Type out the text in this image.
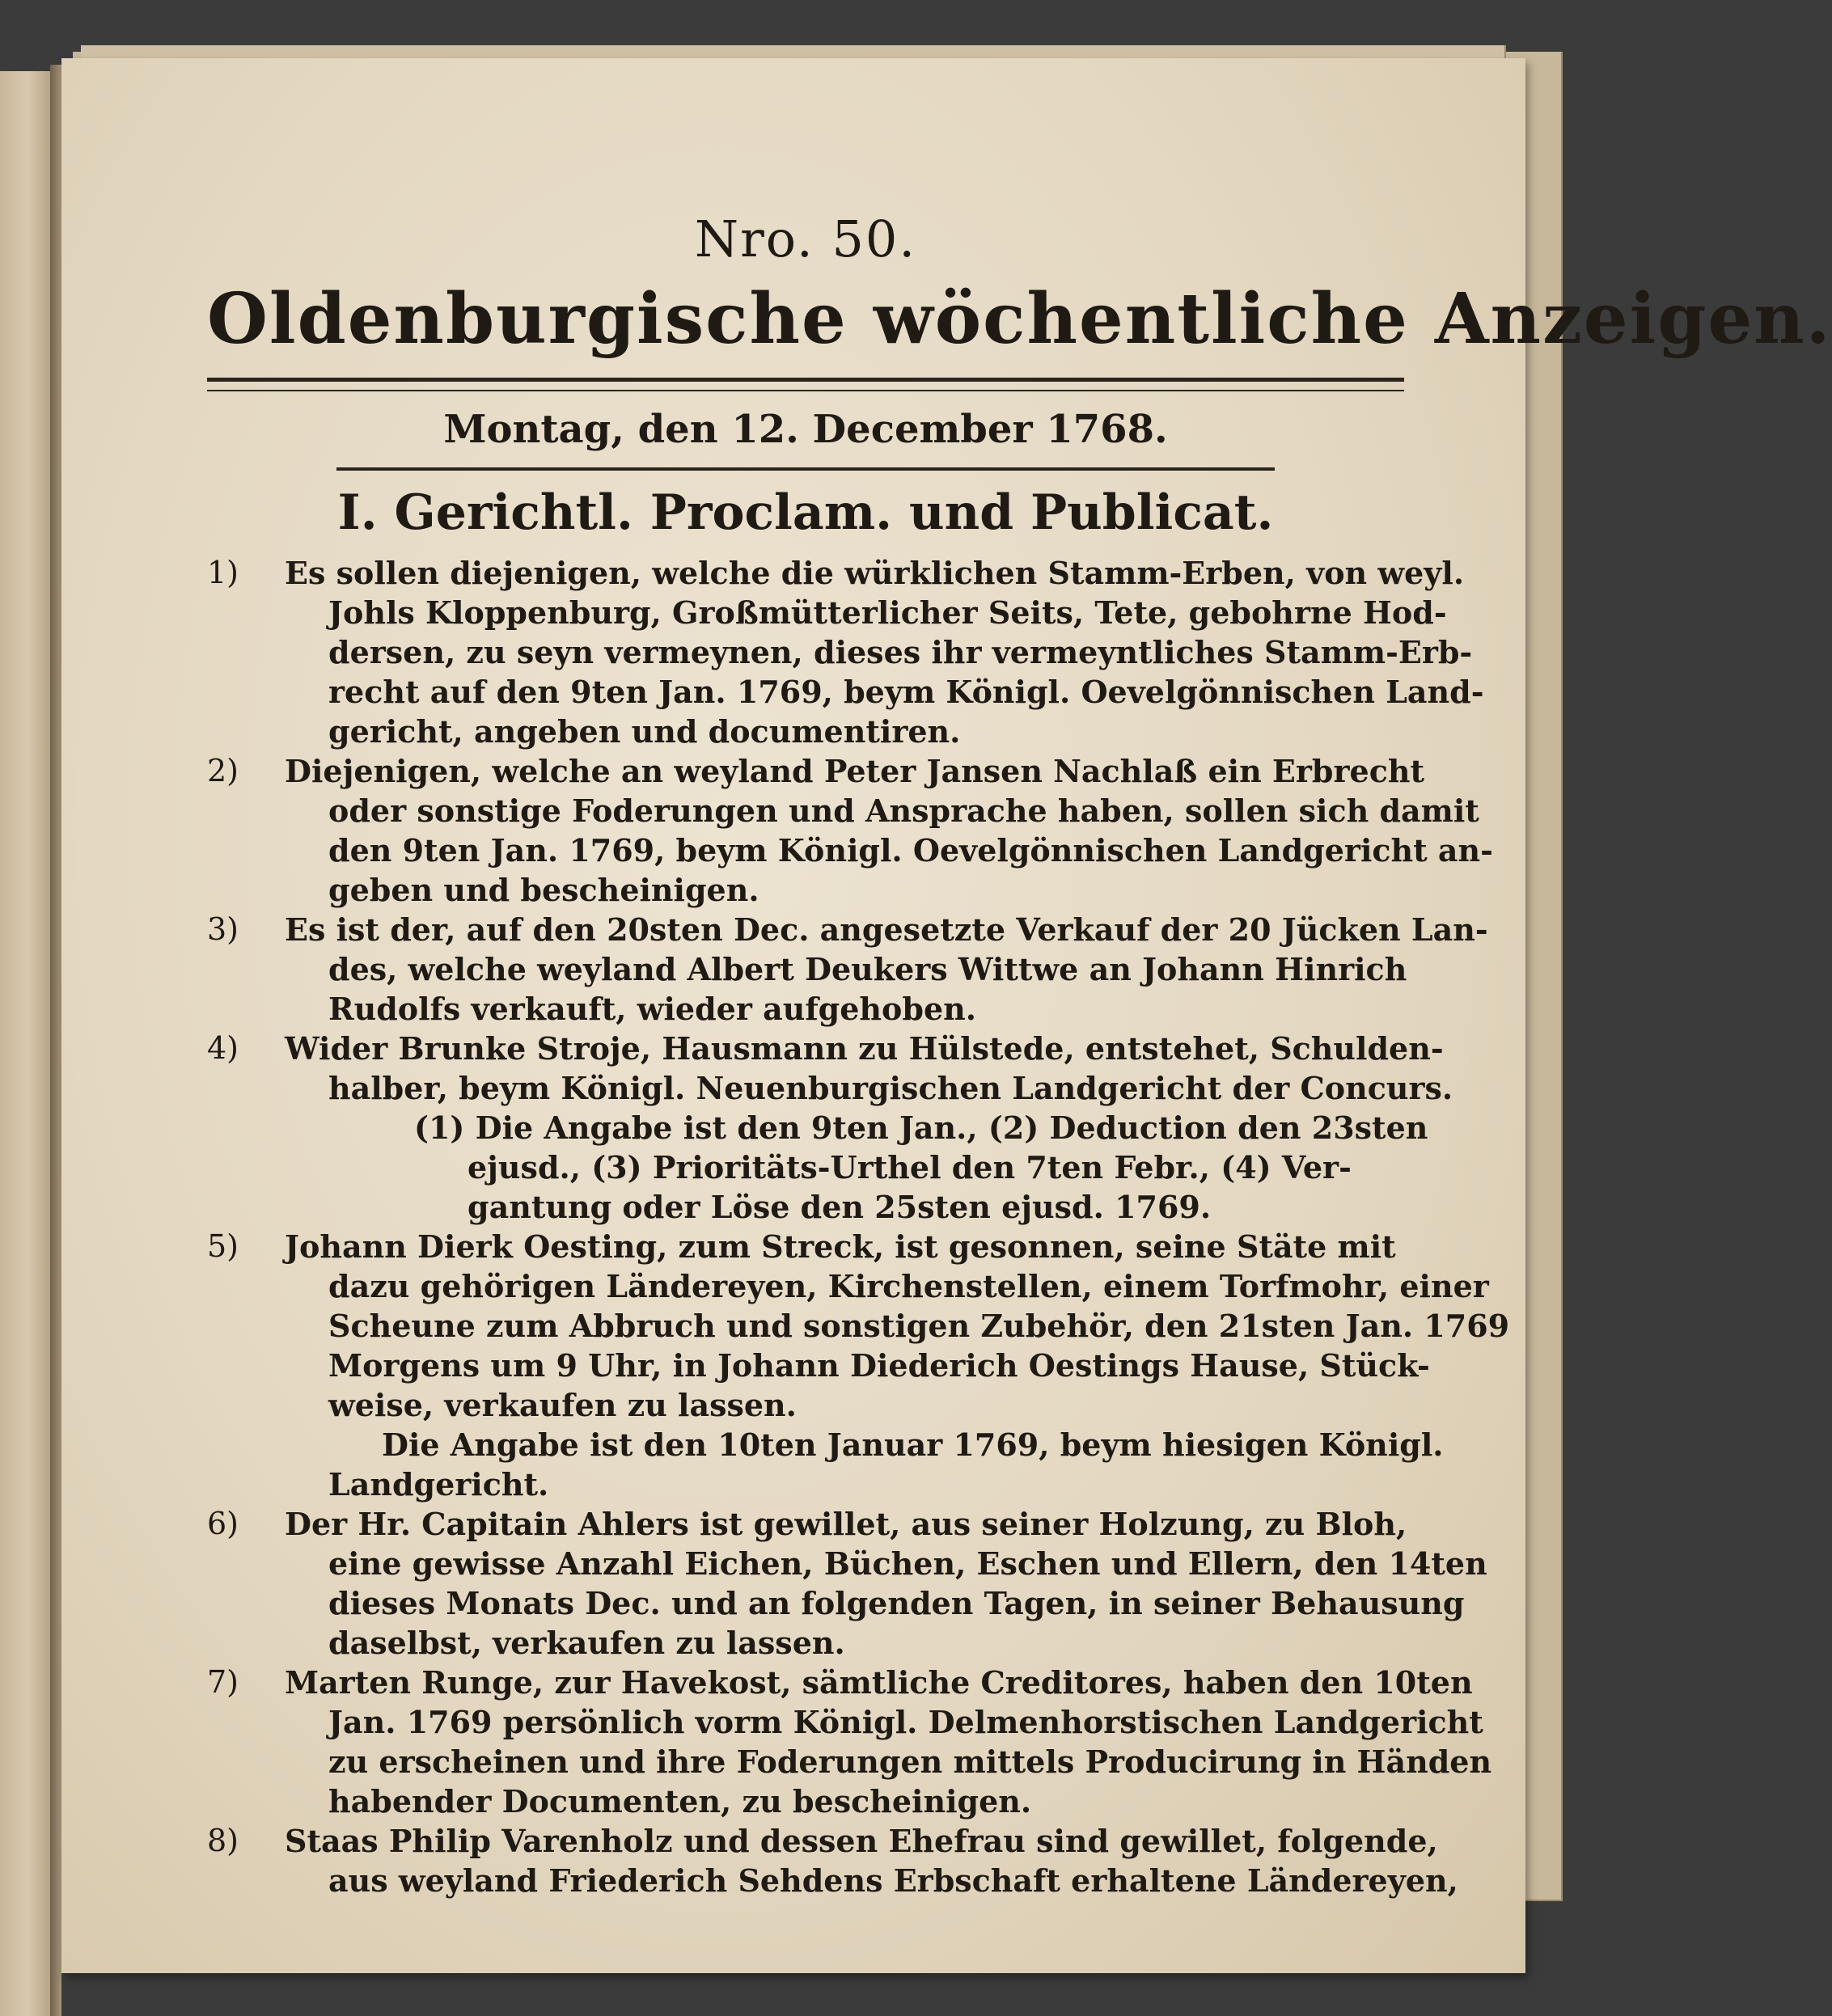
Nro. 50.
Oldenburgische wöchentliche Anzeigen.
Montag, den 12. December 1768.
I. Gerichtl. Proclam. und Publicat.
1)	Es sollen diejenigen, welche die würklichen Stamm-Erben, von weyl.
Johls Kloppenburg, Großmütterlicher Seits, Tete, gebohrne Hod-
dersen, zu seyn vermeynen, dieses ihr vermeyntliches Stamm-Erb-
recht auf den 9ten Jan. 1769, beym Königl. Oevelgönnischen Land-
gericht, angeben und documentiren.
2)	Diejenigen, welche an weyland Peter Jansen Nachlaß ein Erbrecht
oder sonstige Foderungen und Ansprache haben, sollen sich damit
den 9ten Jan. 1769, beym Königl. Oevelgönnischen Landgericht an-
geben und bescheinigen.
3)	Es ist der, auf den 20sten Dec. angesetzte Verkauf der 20 Jücken Lan-
des, welche weyland Albert Deukers Wittwe an Johann Hinrich
Rudolfs verkauft, wieder aufgehoben.
4)	Wider Brunke Stroje, Hausmann zu Hülstede, entstehet, Schulden-
halber, beym Königl. Neuenburgischen Landgericht der Concurs.
(1) Die Angabe ist den 9ten Jan., (2) Deduction den 23sten
ejusd., (3) Prioritäts-Urthel den 7ten Febr., (4) Ver-
gantung oder Löse den 25sten ejusd. 1769.
5)	Johann Dierk Oesting, zum Streck, ist gesonnen, seine Stäte mit
dazu gehörigen Ländereyen, Kirchenstellen, einem Torfmohr, einer
Scheune zum Abbruch und sonstigen Zubehör, den 21sten Jan. 1769
Morgens um 9 Uhr, in Johann Diederich Oestings Hause, Stück-
weise, verkaufen zu lassen.
Die Angabe ist den 10ten Januar 1769, beym hiesigen Königl.
Landgericht.
6)	Der Hr. Capitain Ahlers ist gewillet, aus seiner Holzung, zu Bloh,
eine gewisse Anzahl Eichen, Büchen, Eschen und Ellern, den 14ten
dieses Monats Dec. und an folgenden Tagen, in seiner Behausung
daselbst, verkaufen zu lassen.
7)	Marten Runge, zur Havekost, sämtliche Creditores, haben den 10ten
Jan. 1769 persönlich vorm Königl. Delmenhorstischen Landgericht
zu erscheinen und ihre Foderungen mittels Producirung in Händen
habender Documenten, zu bescheinigen.
8)	Staas Philip Varenholz und dessen Ehefrau sind gewillet, folgende,
aus weyland Friederich Sehdens Erbschaft erhaltene Ländereyen,
